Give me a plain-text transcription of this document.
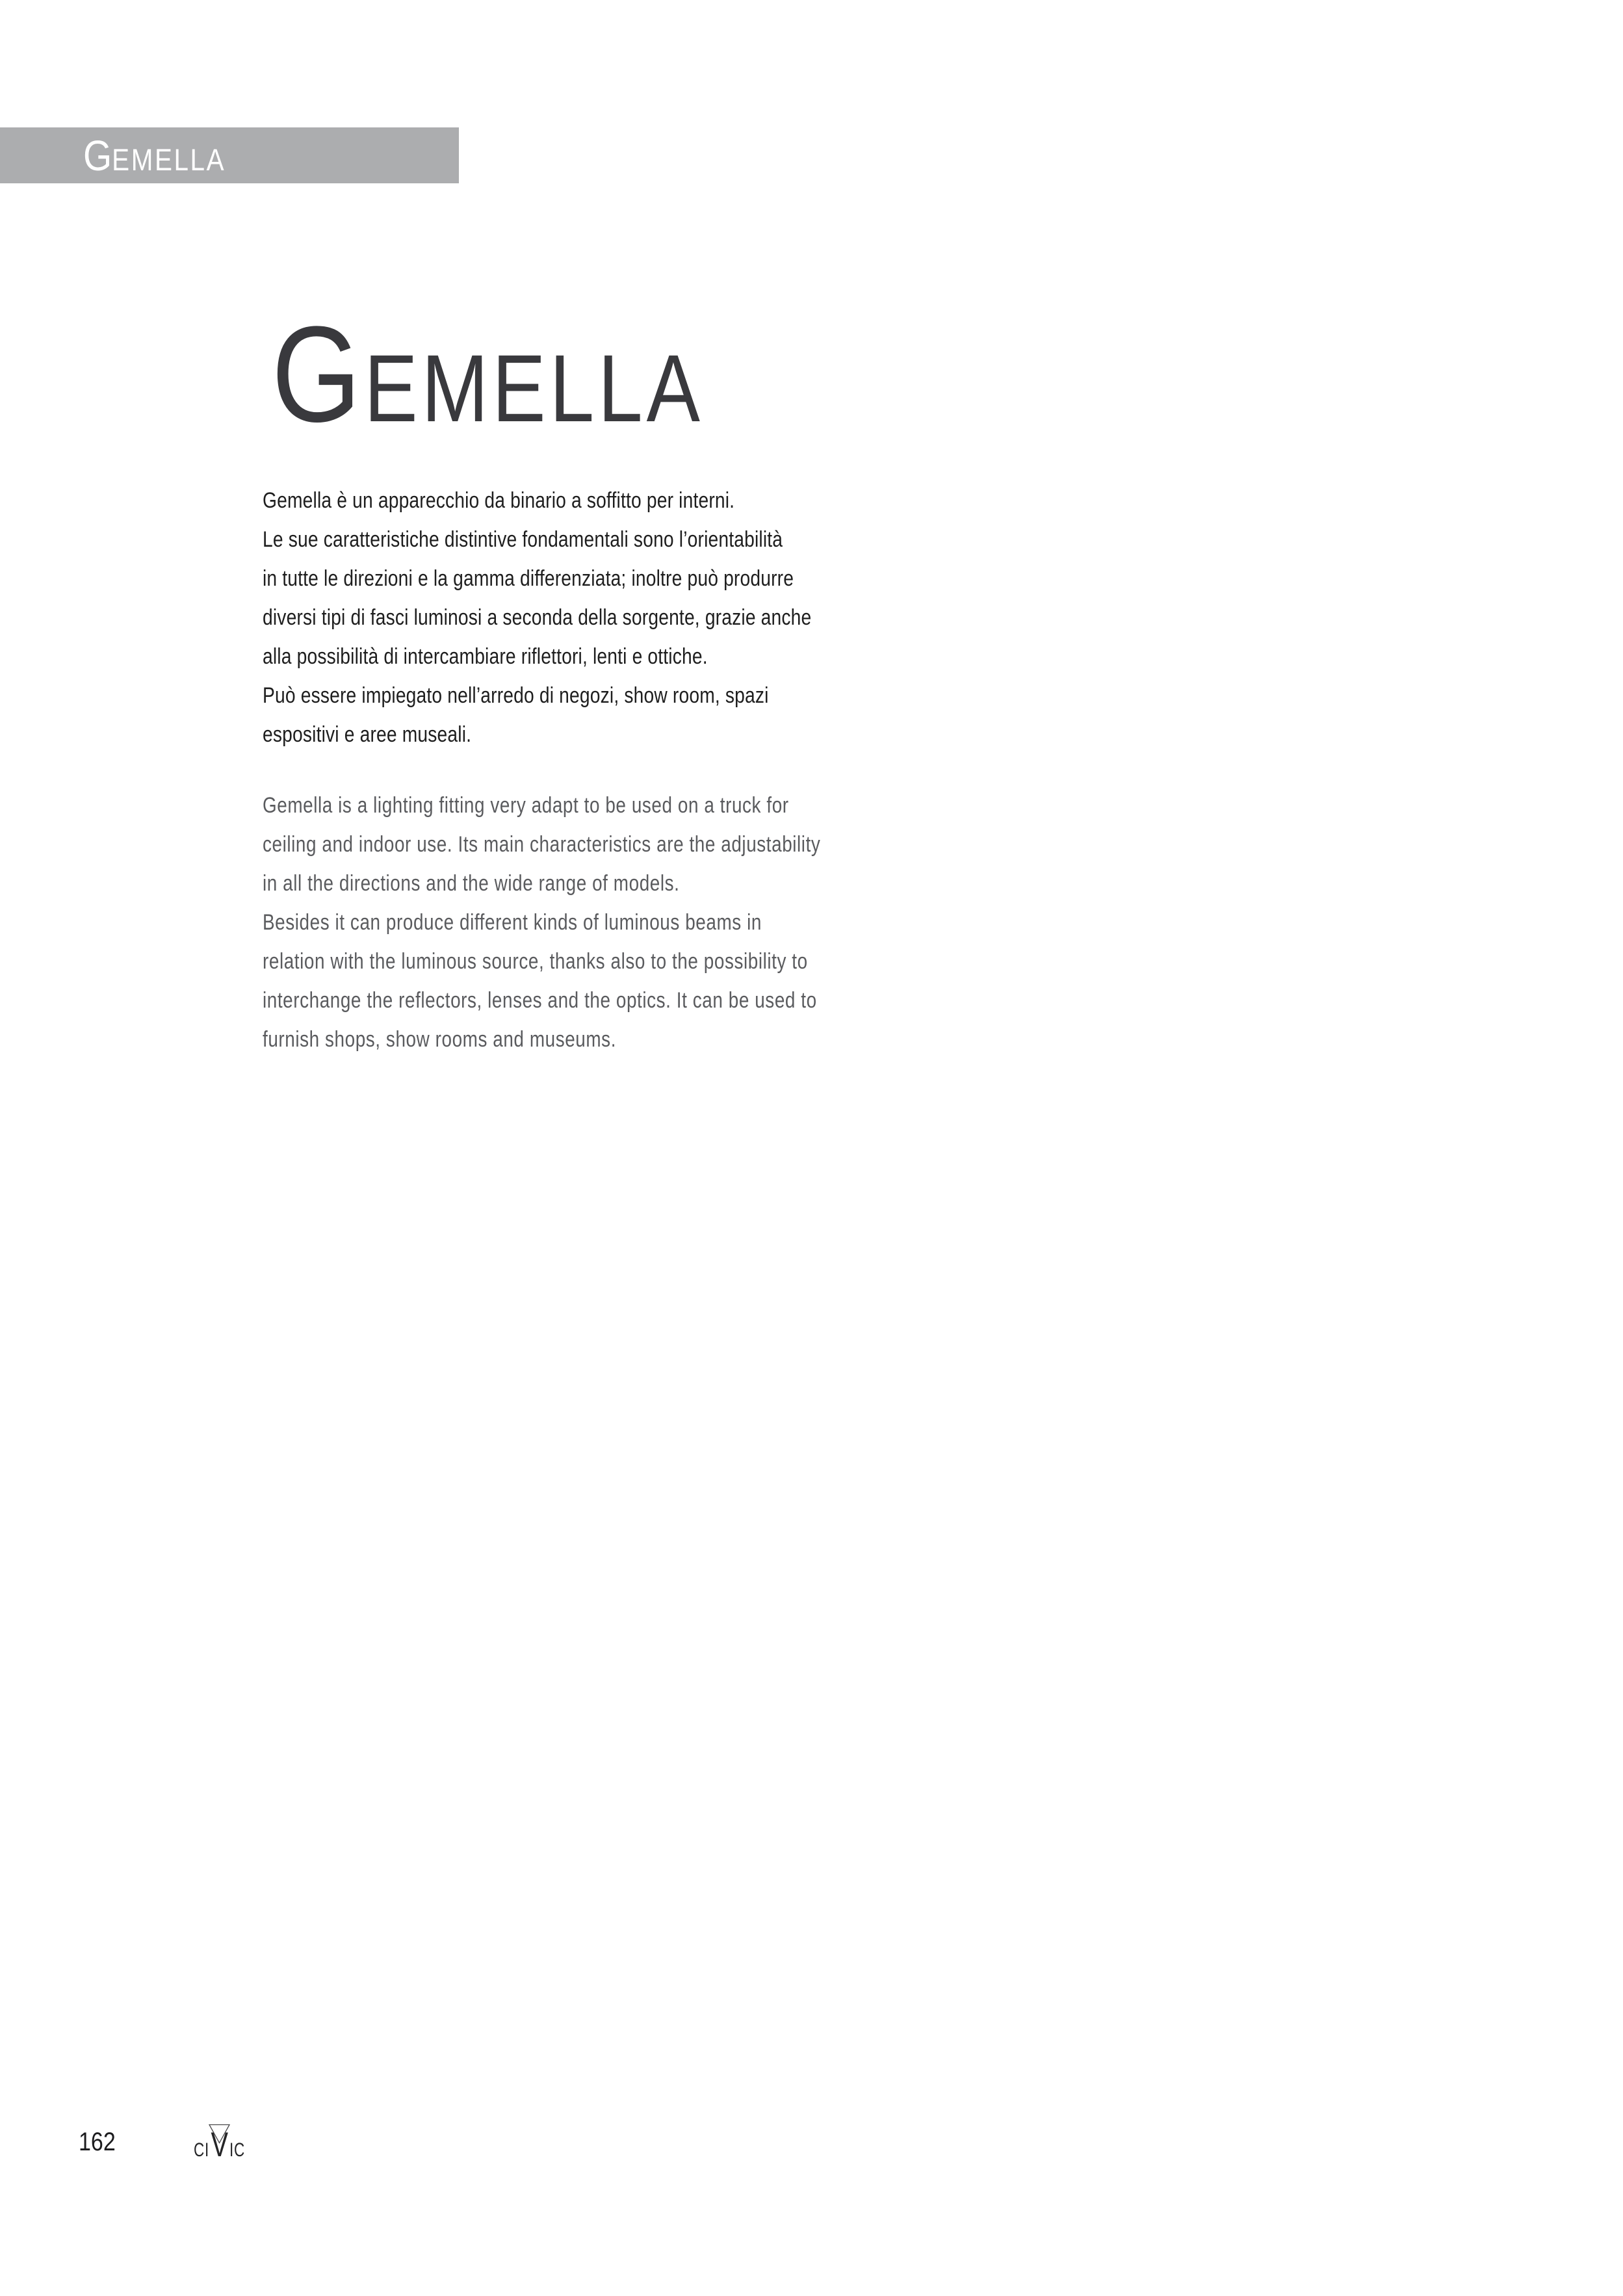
G EMELLA
G EMELLA
Gemella è un apparecchio da binario a soffitto per interni.
Le sue caratteristiche distintive fondamentali sono l’orientabilità
in tutte le direzioni e la gamma differenziata; inoltre può produrre
diversi tipi di fasci luminosi a seconda della sorgente, grazie anche
alla possibilità di intercambiare riflettori, lenti e ottiche.
Può essere impiegato nell’arredo di negozi, show room, spazi
espositivi e aree museali.
Gemella is a lighting fitting very adapt to be used on a truck for
ceiling and indoor use. Its main characteristics are the adjustability
in all the directions and the wide range of models.
Besides it can produce different kinds of luminous beams in
relation with the luminous source, thanks also to the possibility to
interchange the reflectors, lenses and the optics. It can be used to
furnish shops, show rooms and museums.
162	CI V IC
